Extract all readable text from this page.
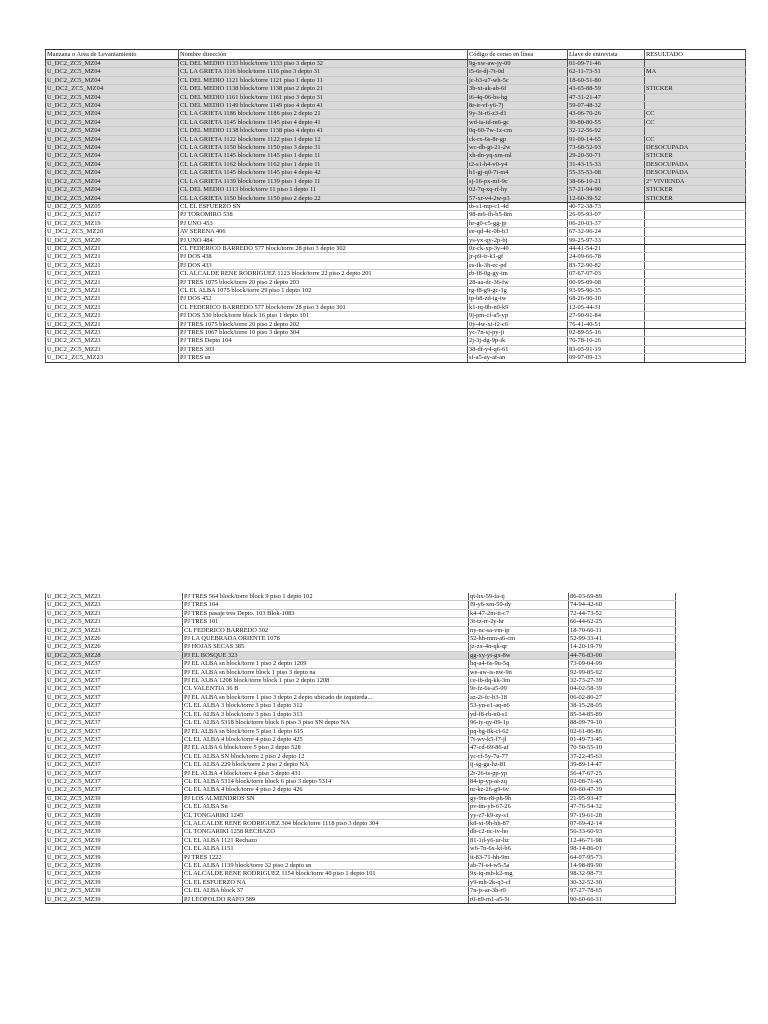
Manzana o Area de Levantamiento	Nombre dirección	Código de censo en línea	Llave de entrevista	RESULTADO
U_DC2_ZC5_MZ04	CL DEL MEDIO 1133 block/torre 1133 piso 3 depto 32	9g-xw-aw-jy-00	01-09-71-46	
U_DC2_ZC5_MZ04	CL LA GRIETA 1116 block/torre 1116 piso 3 depto 31	i5-6r-dj-7t-0d	62-11-73-51	MA
U_DC2_ZC5_MZ04	CL DEL MEDIO 1121 block/torre 1121 piso 1 depto 11	jc-b3-u7-wh-5c	18-60-51-80	
U_DC2_ZC5_MZ04	CL DEL MEDIO 1138 block/torre 1138 piso 2 depto 21	3b-xt-ak-ab-6f	43-65-88-59	STICKER
U_DC2_ZC5_MZ04	CL DEL MEDIO 1161 block/torre 1161 piso 3 depto 31	i6-4q-06-bs-hg	47-31-21-47	
U_DC2_ZC5_MZ04	CL DEL MEDIO 1149 block/torre 1149 piso 4 depto 41	8r-ir-vf-y6-7j	59-07-48-32	
U_DC2_ZC5_MZ04	CL LA GRIETA 1186 block/torre 1186 piso 2 depto 21	9y-3t-r6-z3-d1	43-06-70-26	CC
U_DC2_ZC5_MZ04	CL LA GRIETA 1145 block/torre 1145 piso 4 depto 41	wd-ia-id-m6-gc	30-80-80-55	CC
U_DC2_ZC5_MZ04	CL DEL MEDIO 1138 block/torre 1138 piso 4 depto 41	0q-60-7w-1z-cm	32-12-56-92	
U_DC2_ZC5_MZ04	CL LA GRIETA 1122 block/torre 1122 piso 1 depto 12	ck-rx-6s-8r-gp	91-09-14-65	CC
U_DC2_ZC5_MZ04	CL LA GRIETA 1150 block/torre 1150 piso 3 depto 31	wc-db-gi-21-2w	73-68-52-93	DESOCUPADA
U_DC2_ZC5_MZ04	CL LA GRIETA 1145 block/torre 1145 piso 1 depto 11	xh-dn-yq-xm-ml	29-20-50-71	STICKER
U_DC2_ZC5_MZ04	CL LA GRIETA 1162 block/torre 1162 piso 1 depto 11	t2-s1-h4-v0-y4	31-43-15-33	DESOCUPADA
U_DC2_ZC5_MZ04	CL LA GRIETA 1145 block/torre 1145 piso 4 depto 42	h1-gj-q0-7i-m4	55-35-53-08	DESOCUPADA
U_DC2_ZC5_MZ04	CL LA GRIETA 1139 block/torre 1139 piso 1 depto 11	sj-16-px-mf-9c	38-66-10-21	2° VIVIENDA
U_DC2_ZC5_MZ04	CL DEL MEDIO 1113 block/torre 11 piso 1 depto 11	02-7q-xq-rf-hy	57-21-94-90	STICKER
U_DC2_ZC5_MZ04	CL LA GRIETA 1150 block/torre 1150 piso 2 depto 22	57-xr-v4-2w-p3	12-60-39-52	STICKER
U_DC2_ZC5_MZ05	CL EL ESFUERZO SN	tb-s1-mp-c1-4d	40-72-38-73	
U_DC2_ZC5_MZ17	PJ TOROMIRO 538	98-m6-fh-b5-8m	26-95-93-07	
U_DC2_ZC5_MZ19	PJ UNO 453	hr-g0-c5-gg-jp	06-20-03-37	
U_DC2_ZC5_MZ20	AV SERENA 406	ee-qd-4c-0b-b3	67-32-96-24	
U_DC2_ZC5_MZ20	PJ UNO 484	ys-yx-qy-2p-bj	99-25-97-33	
U_DC2_ZC5_MZ21	CL FEDERICO BARREDO 577 block/torre 28 piso 3 depto 302	0z-ck-xp-3y-40	44-41-54-21	
U_DC2_ZC5_MZ21	PJ DOS 438	jr-p9-tr-k1-gf	24-09-66-78	
U_DC2_ZC5_MZ21	PJ DOS 433	es-fk-3h-ec-pd	83-72-90-82	
U_DC2_ZC5_MZ21	CL ALCALDE RENE RODRIGUEZ 1123 block/torre 22 piso 2 depto 201	rb-f8-0g-gy-im	07-67-97-03	
U_DC2_ZC5_MZ21	PJ TRES 1075 block/torre 20 piso 2 depto 203	28-aa-dc-36-fw	00-95-09-08	
U_DC2_ZC5_MZ21	CL EL ALBA 1075 block/torre 29 piso 1 depto 102	rg-f8-g9-gc-1g	93-95-96-35	
U_DC2_ZC5_MZ21	PJ DOS 452	tp-b8-zd-ig-tw	68-26-96-10	
U_DC2_ZC5_MZ21	CL FEDERICO BARREDO 577 block/torre 28 piso 3 depto 301	k1-rq-8b-n0-k9	12-05-44-31	
U_DC2_ZC5_MZ21	PJ DOS 530 block/torre block 16 piso 1 depto 101	9j-pm-cf-a5-yp	27-90-91-84	
U_DC2_ZC5_MZ21	PJ TRES 1075 block/torre 20 piso 2 depto 202	0y-4w-xi-f2-c6	76-41-40-51	
U_DC2_ZC5_MZ23	PJ TRES 1067 block/torre 10 piso 3 depto 304	yc-7n-sj-py-ji	02-89-55-16	
U_DC2_ZC5_MZ23	PJ TRES Depto 104	2j-3j-dg-9p-ik	70-78-10-26	
U_DC2_ZC5_MZ23	PJ TRES 303	38-df-y4-q6-61	83-05-91-19	
U_DC2_ZC5_MZ23	PJ TRES sn	sf-a5-ay-af-an	09-97-09-13	
U_DC2_ZC5_MZ23	PJ TRES 564 block/torre block 9 piso 1 depto 102	qt-hx-59-fa-ij	86-03-69-89
U_DC2_ZC5_MZ23	PJ TRES 104	f9-y6-xm-59-dy	74-94-42-60
U_DC2_ZC5_MZ23	PJ TRES pasaje tres Depto. 103 Blok-1083	k4-47-2m-ti-c7	72-44-73-52
U_DC2_ZC5_MZ23	PJ TRES 101	3t-tz-rr-2y-hr	66-44-62-25
U_DC2_ZC5_MZ23	CL FEDERICO BARREDO 302	ny-nc-sa-vm-ip	18-70-60-11
U_DC2_ZC5_MZ26	PJ LA QUEBRADA ORIENTE 1078	52-hh-mm-a6-cm	52-99-33-41
U_DC2_ZC5_MZ26	PJ HOJAS SECAS 385	jz-zx-4n-qk-qr	14-20-19-79
U_DC2_ZC5_MZ28	PJ EL BOSQUE 323	gg-xy-yt-gx-8w	44-76-83-00
U_DC2_ZC5_MZ37	PJ EL ALBA sn block/torre 1 piso 2 depto 1209	hq-a4-6s-9u-5q	73-09-04-99
U_DC2_ZC5_MZ37	PJ EL ALBA sn block/torre block 1 piso 3 depto na	we-aw-is-nw-9n	92-99-85-92
U_DC2_ZC5_MZ37	PJ EL ALBA 1208 block/torre block 1 piso 2 depto 1208	ce-ib-dq-kk-3m	32-73-27-39
U_DC2_ZC5_MZ37	CL VALENTIA 36 B	9r-fz-6s-a5-09	04-02-58-39
U_DC2_ZC5_MZ37	PJ EL ALBA sn block/torre 1 piso 3 depto 2 depto ubicado de izquierda...	az-2i-fc-b3-18	06-02-80-27
U_DC2_ZC5_MZ37	CL EL ALBA 3 block/torre 3 piso 1 depto 312	53-yn-e1-aq-n6	38-15-28-05
U_DC2_ZC5_MZ37	CL EL ALBA 3 block/torre 3 piso 1 depto 313	yd-f8-rb-n0-s1	85-34-85-89
U_DC2_ZC5_MZ37	CL EL ALBA 5318 block/torre block 6 piso 3 piso SN depto NA	96-iy-qy-09-1p	88-09-79-10
U_DC2_ZC5_MZ37	PJ EL ALBA sn block/torre 5 piso 1 depto 615	pq-bg-8k-ci-62	02-61-86-86
U_DC2_ZC5_MZ37	CL EL ALBA 4 block/torre 4 piso 2 depto 425	7t-wv-k5-f7-jl	01-49-73-45
U_DC2_ZC5_MZ37	PJ EL ALBA 6 block/torre 5 piso 2 depto 528	47-cd-69-86-af	70-50-55-10
U_DC2_ZC5_MZ37	CL EL ALBA SN block/torre 2 piso 2 depto 12	yc-rf-5y-7u-77	37-22-45-63
U_DC2_ZC5_MZ37	CL EL ALBA 229 block/torre 2 piso 2 depto NA	ij-sg-ga-hz-81	39-89-14-47
U_DC2_ZC5_MZ37	PJ EL ALBA 4 block/torre 4 piso 3 depto 431	2r-26-ts-pp-yp	56-47-67-25
U_DC2_ZC5_MZ37	CL EL ALBA 5314 block/torre block 6 piso 3 depto 5314	84-tp-yp-ai-zq	02-08-71-45
U_DC2_ZC5_MZ37	CL EL ALBA 4 block/torre 4 piso 2 depto 426	nr-kz-26-g9-6v	69-60-47-39
U_DC2_ZC5_MZ39	PJ LOS ALMENDROS SN	gy-9m-r8-ph-9h	21-95-93-47
U_DC2_ZC5_MZ39	CL EL ALBA Sn	pv-tm-yb-67-26	47-76-54-32
U_DC2_ZC5_MZ39	CL TONGARIKI 1245	yy-z7-k9-zy-s1	97-19-61-28
U_DC2_ZC5_MZ39	CL ALCALDE RENE RODRIGUEZ 304 block/torre 1118 piso 3 depto 304	k8-xi-9h-hh-87	07-69-42-14
U_DC2_ZC5_MZ39	CL TONGARIKI 1258 RECHAZO	db-c2-nc-iv-ho	56-33-60-93
U_DC2_ZC5_MZ39	CL EL ALBA 1121 Rechazo	81-1d-y6-ur-hz	12-46-71-98
U_DC2_ZC5_MZ39	CL EL ALBA 1151	w6-7n-6x-kf-b6	98-14-86-01
U_DC2_ZC5_MZ39	PJ TRES 1222	it-83-71-hh-9m	64-07-95-73
U_DC2_ZC5_MZ39	CL EL ALBA 1139 block/torre 32 piso 2 depto sn	ab-7f-s4-w5-5a	14-98-89-90
U_DC2_ZC5_MZ39	CL ALCALDE RENE RODRIGUEZ 1154 block/torre 40 piso 1 depto 101	9x-iq-mb-k2-mg	98-32-98-73
U_DC2_ZC5_MZ39	CL EL ESFUERZO NA	y9-mh-2k-q3-cf	30-32-52-30
U_DC2_ZC5_MZ39	CL EL ALBA block 37	7n-js-ar-3h-r0	97-27-78-65
U_DC2_ZC5_MZ39	PJ LEOPOLDO RAFO 589	r0-n9-m1-a5-5i	90-60-66-31
